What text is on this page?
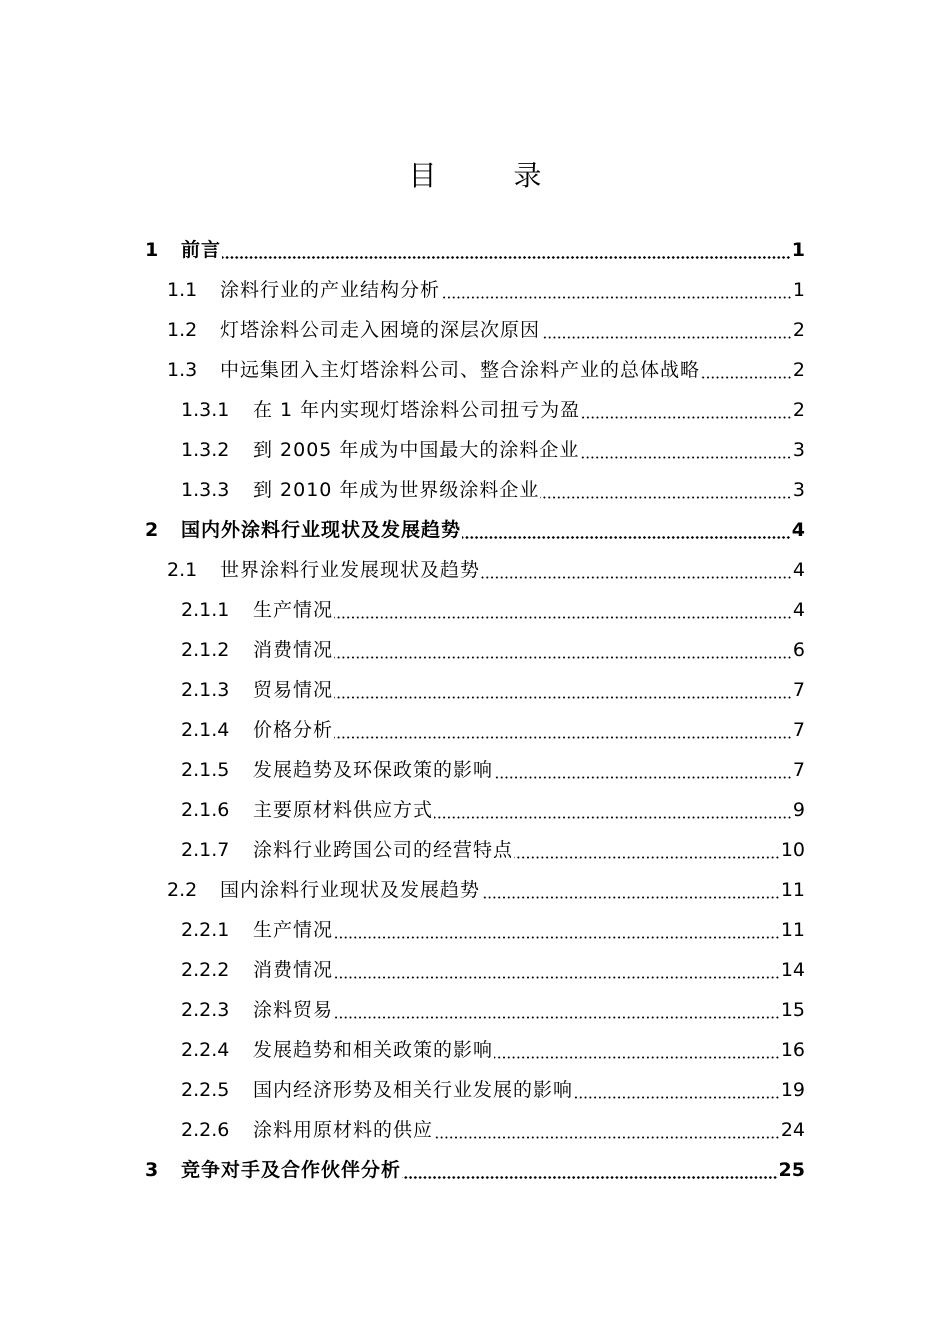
目 录
1	前言	1
1.1	涂料行业的产业结构分析	1
1.2	灯塔涂料公司走入困境的深层次原因	2
1.3	中远集团入主灯塔涂料公司、整合涂料产业的总体战略	2
1.3.1	在 1 年内实现灯塔涂料公司扭亏为盈	2
1.3.2	到 2005 年成为中国最大的涂料企业	3
1.3.3	到 2010 年成为世界级涂料企业	3
2	国内外涂料行业现状及发展趋势	4
2.1	世界涂料行业发展现状及趋势	4
2.1.1	生产情况	4
2.1.2	消费情况	6
2.1.3	贸易情况	7
2.1.4	价格分析	7
2.1.5	发展趋势及环保政策的影响	7
2.1.6	主要原材料供应方式	9
2.1.7	涂料行业跨国公司的经营特点	10
2.2	国内涂料行业现状及发展趋势	11
2.2.1	生产情况	11
2.2.2	消费情况	14
2.2.3	涂料贸易	15
2.2.4	发展趋势和相关政策的影响	16
2.2.5	国内经济形势及相关行业发展的影响	19
2.2.6	涂料用原材料的供应	24
3	竞争对手及合作伙伴分析	25
